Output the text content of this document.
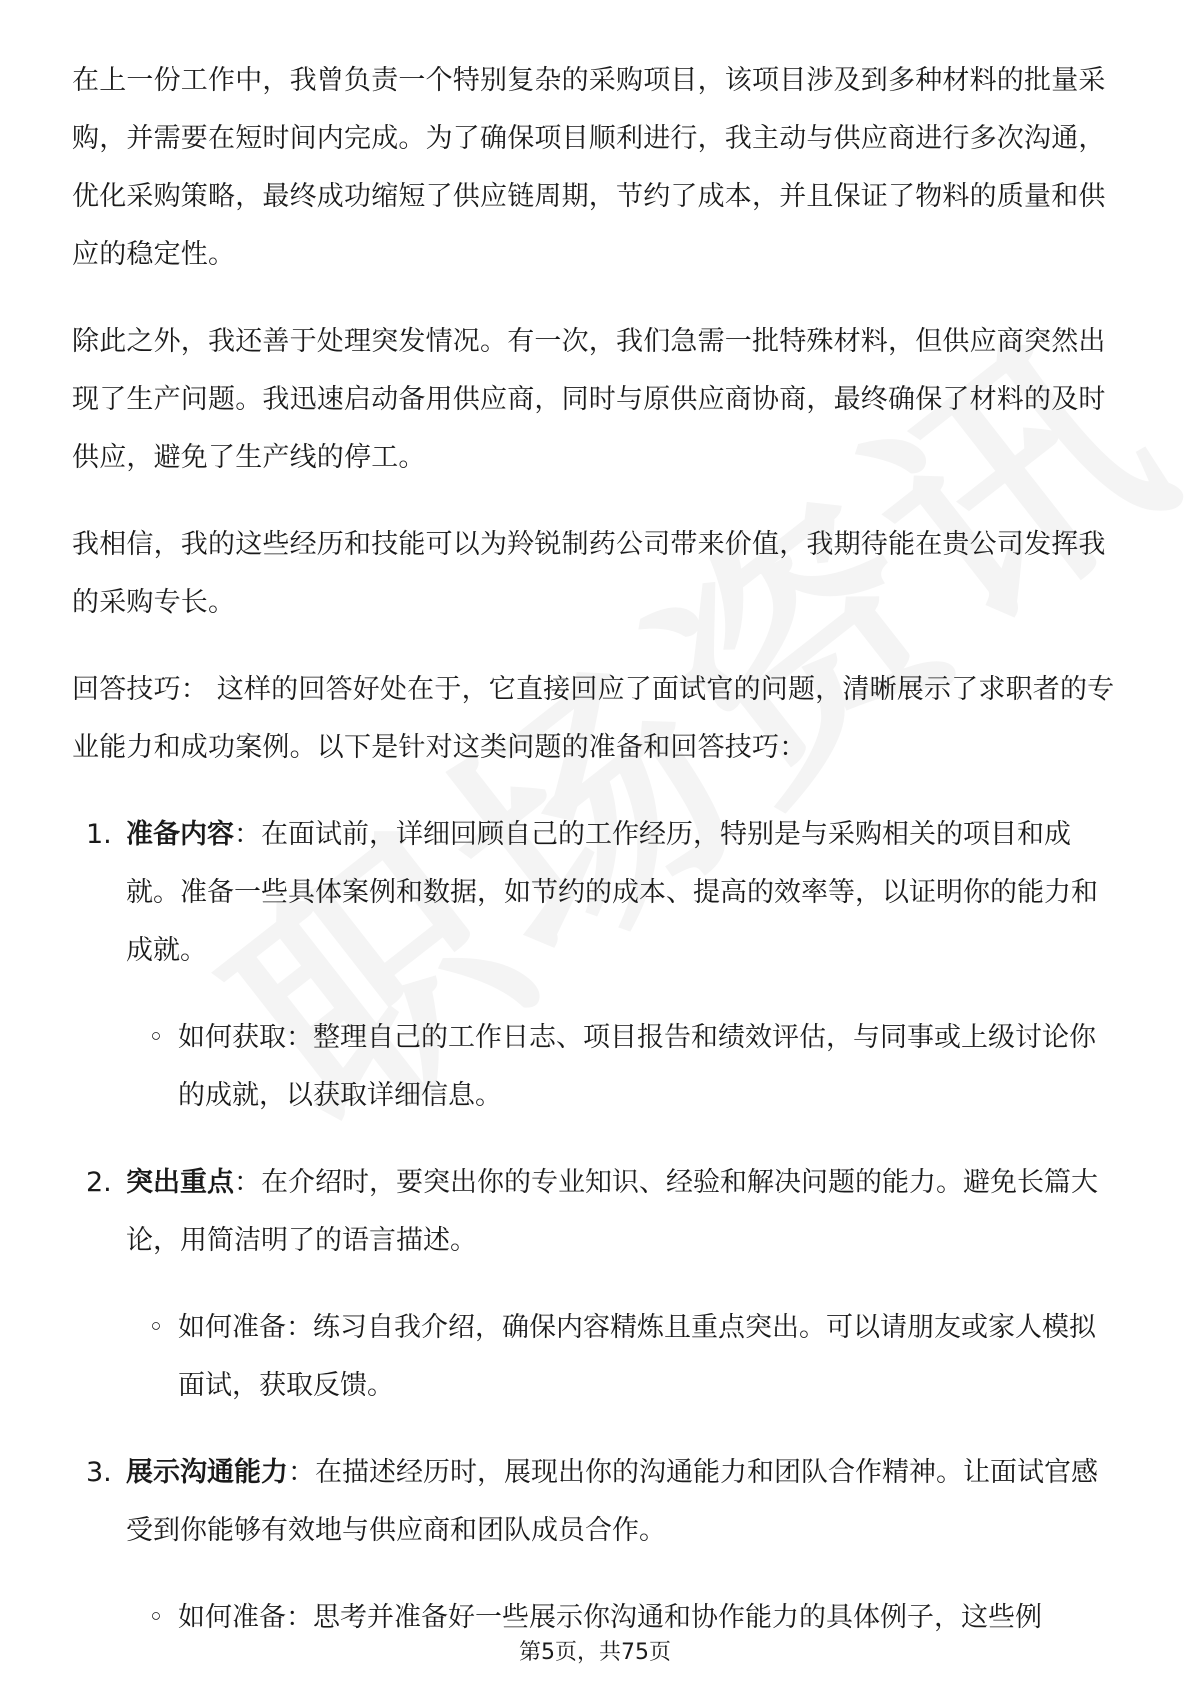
在上一份工作中，我曾负责一个特别复杂的采购项目，该项目涉及到多种材料的批量采购，并需要在短时间内完成。为了确保项目顺利进行，我主动与供应商进行多次沟通，优化采购策略，最终成功缩短了供应链周期，节约了成本，并且保证了物料的质量和供应的稳定性。

除此之外，我还善于处理突发情况。有一次，我们急需一批特殊材料，但供应商突然出现了生产问题。我迅速启动备用供应商，同时与原供应商协商，最终确保了材料的及时供应，避免了生产线的停工。

我相信，我的这些经历和技能可以为羚锐制药公司带来价值，我期待能在贵公司发挥我的采购专长。

回答技巧： 这样的回答好处在于，它直接回应了面试官的问题，清晰展示了求职者的专业能力和成功案例。以下是针对这类问题的准备和回答技巧：

1. 准备内容：在面试前，详细回顾自己的工作经历，特别是与采购相关的项目和成就。准备一些具体案例和数据，如节约的成本、提高的效率等，以证明你的能力和成就。

◦ 如何获取：整理自己的工作日志、项目报告和绩效评估，与同事或上级讨论你的成就，以获取详细信息。
2. 突出重点：在介绍时，要突出你的专业知识、经验和解决问题的能力。避免长篇大论，用简洁明了的语言描述。

◦ 如何准备：练习自我介绍，确保内容精炼且重点突出。可以请朋友或家人模拟面试，获取反馈。
3. 展示沟通能力：在描述经历时，展现出你的沟通能力和团队合作精神。让面试官感受到你能够有效地与供应商和团队成员合作。

◦ 如何准备：思考并准备好一些展示你沟通和协作能力的具体例子，这些例
第5页，共75页
